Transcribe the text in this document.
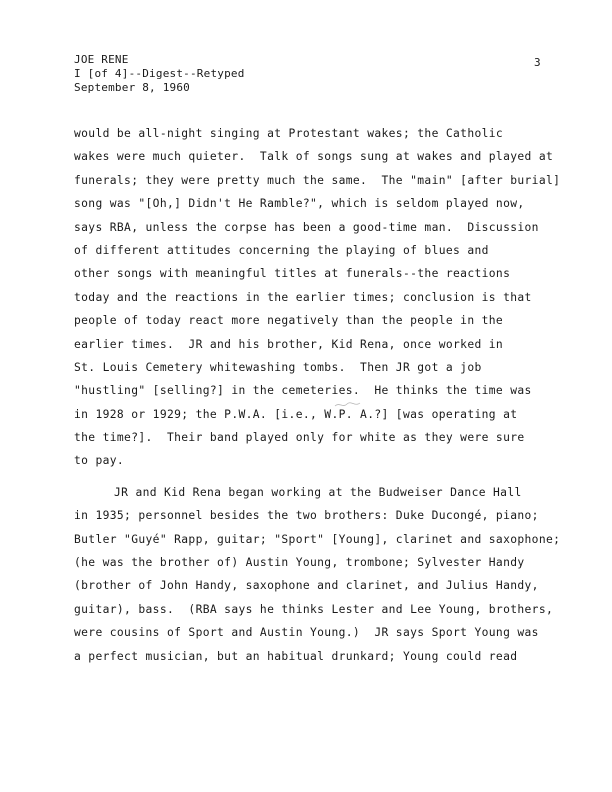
JOE RENE
I [of 4]--Digest--Retyped
September 8, 1960
3
would be all-night singing at Protestant wakes; the Catholic
wakes were much quieter.  Talk of songs sung at wakes and played at
funerals; they were pretty much the same.  The "main" [after burial]
song was "[Oh,] Didn't He Ramble?", which is seldom played now,
says RBA, unless the corpse has been a good-time man.  Discussion
of different attitudes concerning the playing of blues and
other songs with meaningful titles at funerals--the reactions
today and the reactions in the earlier times; conclusion is that
people of today react more negatively than the people in the
earlier times.  JR and his brother, Kid Rena, once worked in
St. Louis Cemetery whitewashing tombs.  Then JR got a job
"hustling" [selling?] in the cemeteries.  He thinks the time was
in 1928 or 1929; the P.W.A. [i.e., W.P. A.?] [was operating at
the time?].  Their band played only for white as they were sure
to pay.
JR and Kid Rena began working at the Budweiser Dance Hall
in 1935; personnel besides the two brothers: Duke Ducongé, piano;
Butler "Guyé" Rapp, guitar; "Sport" [Young], clarinet and saxophone;
(he was the brother of) Austin Young, trombone; Sylvester Handy
(brother of John Handy, saxophone and clarinet, and Julius Handy,
guitar), bass.  (RBA says he thinks Lester and Lee Young, brothers,
were cousins of Sport and Austin Young.)  JR says Sport Young was
a perfect musician, but an habitual drunkard; Young could read
